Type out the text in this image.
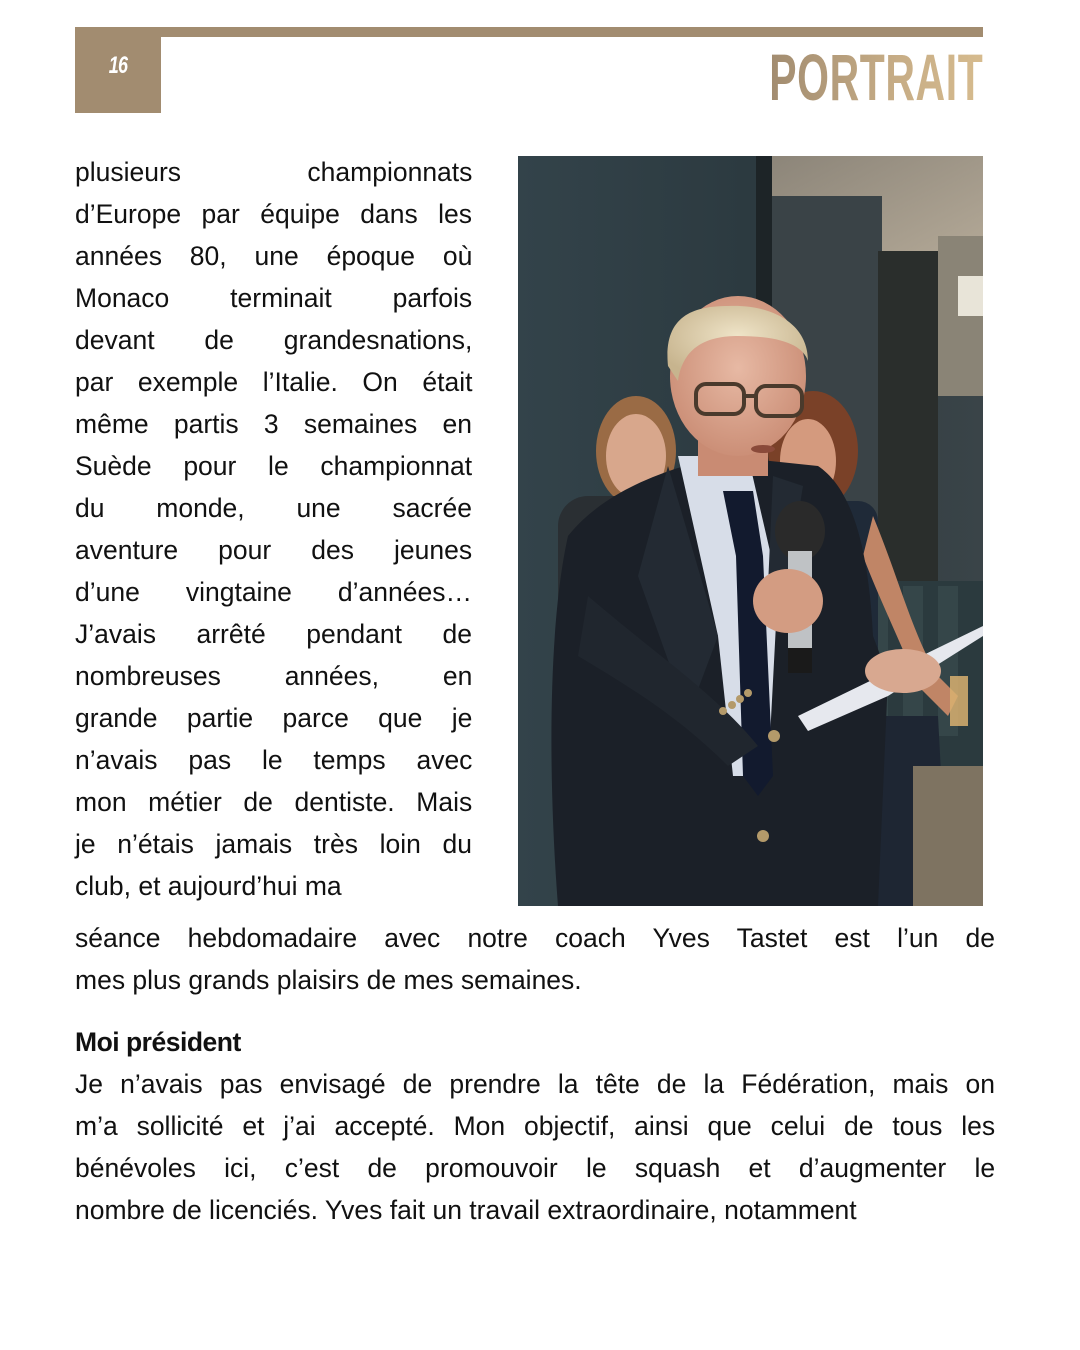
16	PORTRAIT
plusieurs championnats
d’Europe par équipe dans les
années 80, une époque où
Monaco terminait parfois
devant de grandesnations,
par exemple l’Italie. On était
même partis 3 semaines en
Suède pour le championnat
du monde, une sacrée
aventure pour des jeunes
d’une vingtaine d’années…
J’avais arrêté pendant de
nombreuses années, en
grande partie parce que je
n’avais pas le temps avec
mon métier de dentiste. Mais
je n’étais jamais très loin du
club, et aujourd’hui ma
séance hebdomadaire avec notre coach Yves Tastet est l’un de
mes plus grands plaisirs de mes semaines.
Moi président
Je n’avais pas envisagé de prendre la tête de la Fédération, mais on
m’a sollicité et j’ai accepté. Mon objectif, ainsi que celui de tous les
bénévoles ici, c’est de promouvoir le squash et d’augmenter le
nombre de licenciés. Yves fait un travail extraordinaire, notamment
